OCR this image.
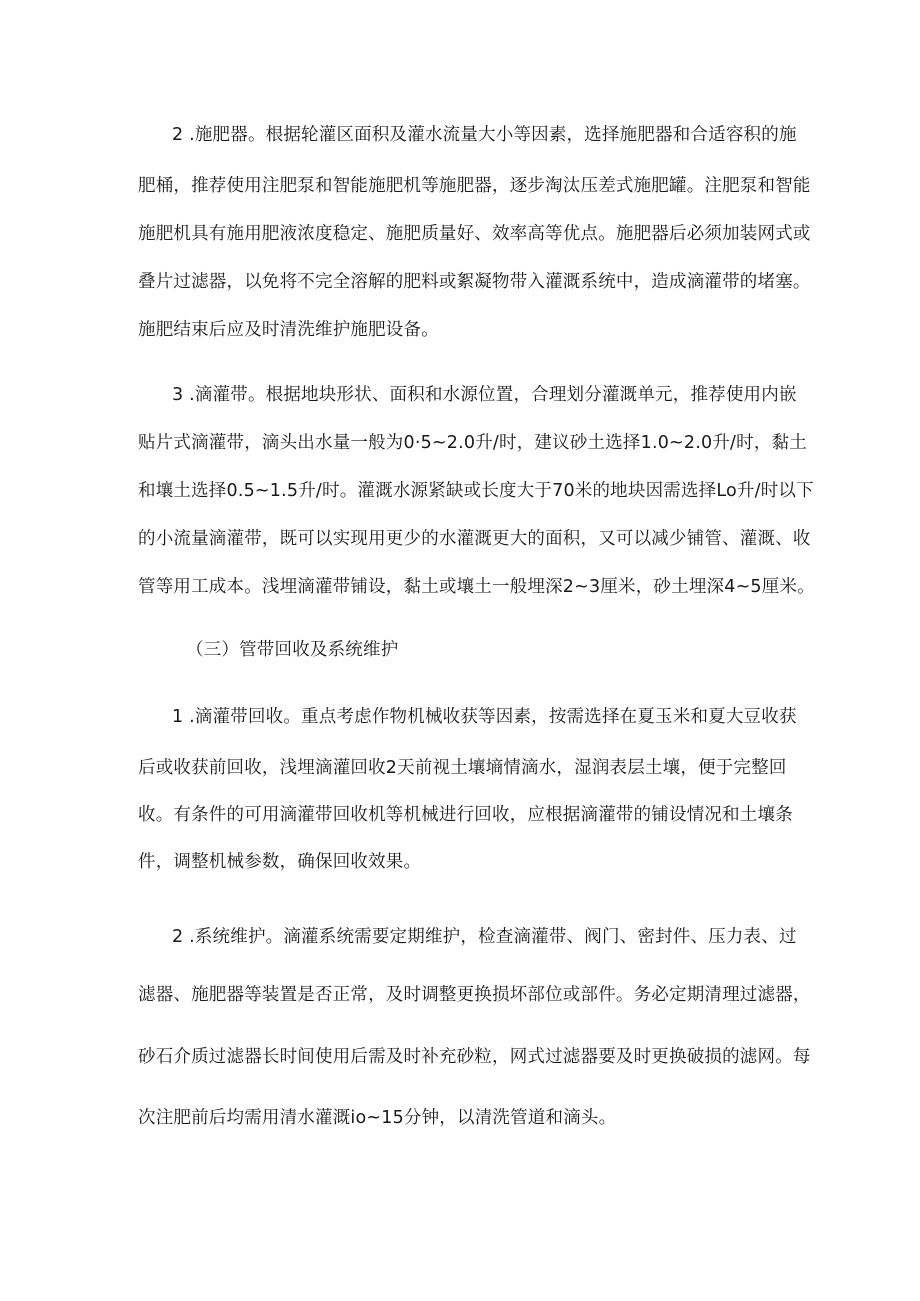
2 .施肥器。根据轮灌区面积及灌水流量大小等因素，选择施肥器和合适容积的施
肥桶，推荐使用注肥泵和智能施肥机等施肥器，逐步淘汰压差式施肥罐。注肥泵和智能
施肥机具有施用肥液浓度稳定、施肥质量好、效率高等优点。施肥器后必须加装网式或
叠片过滤器，以免将不完全溶解的肥料或絮凝物带入灌溉系统中，造成滴灌带的堵塞。
施肥结束后应及时清洗维护施肥设备。
3 .滴灌带。根据地块形状、面积和水源位置，合理划分灌溉单元，推荐使用内嵌
贴片式滴灌带，滴头出水量一般为0·5~2.0升/时，建议砂土选择1.0~2.0升/时，黏土
和壤土选择0.5~1.5升/时。灌溉水源紧缺或长度大于70米的地块因需选择Lo升/时以下
的小流量滴灌带，既可以实现用更少的水灌溉更大的面积，又可以减少铺管、灌溉、收
管等用工成本。浅埋滴灌带铺设，黏土或壤土一般埋深2~3厘米，砂土埋深4~5厘米。
（三）管带回收及系统维护
1 .滴灌带回收。重点考虑作物机械收获等因素，按需选择在夏玉米和夏大豆收获
后或收获前回收，浅埋滴灌回收2天前视土壤墒情滴水，湿润表层土壤，便于完整回
收。有条件的可用滴灌带回收机等机械进行回收，应根据滴灌带的铺设情况和土壤条
件，调整机械参数，确保回收效果。
2 .系统维护。滴灌系统需要定期维护，检查滴灌带、阀门、密封件、压力表、过
滤器、施肥器等装置是否正常，及时调整更换损坏部位或部件。务必定期清理过滤器，
砂石介质过滤器长时间使用后需及时补充砂粒，网式过滤器要及时更换破损的滤网。每
次注肥前后均需用清水灌溉io~15分钟，以清洗管道和滴头。
